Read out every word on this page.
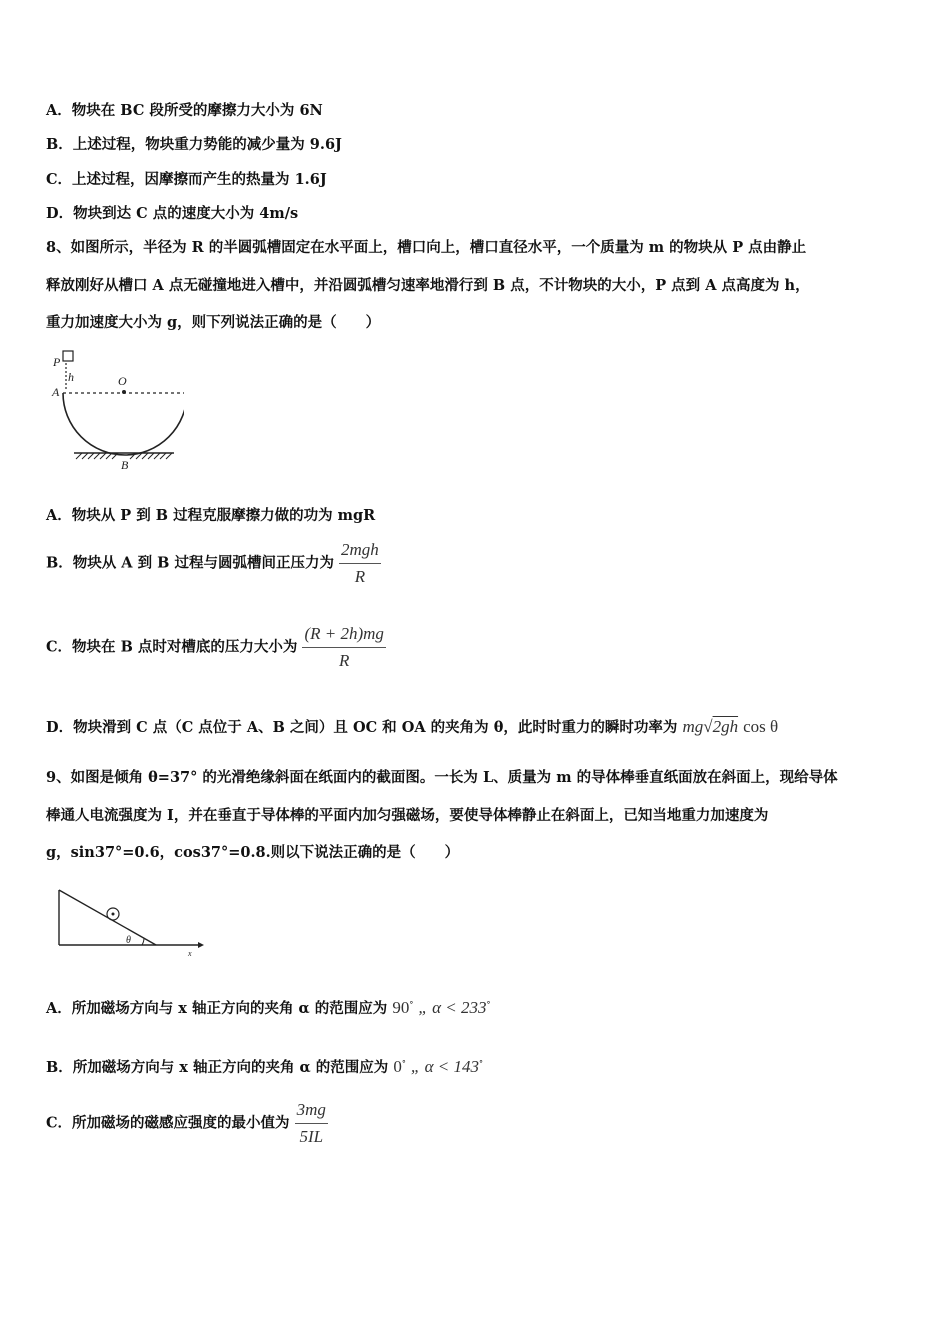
A．物块在 BC 段所受的摩擦力大小为 6N
B．上述过程，物块重力势能的减少量为 9.6J
C．上述过程，因摩擦而产生的热量为 1.6J
D．物块到达 C 点的速度大小为 4m/s
8、如图所示，半径为 R 的半圆弧槽固定在水平面上，槽口向上，槽口直径水平，一个质量为 m 的物块从 P 点由静止
释放刚好从槽口 A 点无碰撞地进入槽中，并沿圆弧槽匀速率地滑行到 B 点，不计物块的大小，P 点到 A 点高度为 h，
重力加速度大小为 g，则下列说法正确的是（　　）
P
h	O
A
B
A．物块从 P 到 B 过程克服摩擦力做的功为 mgR
B．物块从 A 到 B 过程与圆弧槽间正压力为 $\frac{\text{2mgh}}{R}$
C．物块在 B 点时对槽底的压力大小为 $\frac{(R + 2h)mg}{R}$
D．物块滑到 C 点（C 点位于 A、B 之间）且 OC 和 OA 的夹角为 θ，此时时重力的瞬时功率为 mg√2gh cos θ
9、如图是倾角 θ=37° 的光滑绝缘斜面在纸面内的截面图。一长为 L、质量为 m 的导体棒垂直纸面放在斜面上，现给导体
棒通人电流强度为 I，并在垂直于导体棒的平面内加匀强磁场，要使导体棒静止在斜面上，已知当地重力加速度为
g，sin37°=0.6，cos37°=0.8.则以下说法正确的是（　　）
θ
x
A．所加磁场方向与 x 轴正方向的夹角 α 的范围应为 90° „ α < 233°
B．所加磁场方向与 x 轴正方向的夹角 α 的范围应为 0° „ α < 143°
C．所加磁场的磁感应强度的最小值为 $\frac{3mg}{5IL}$
